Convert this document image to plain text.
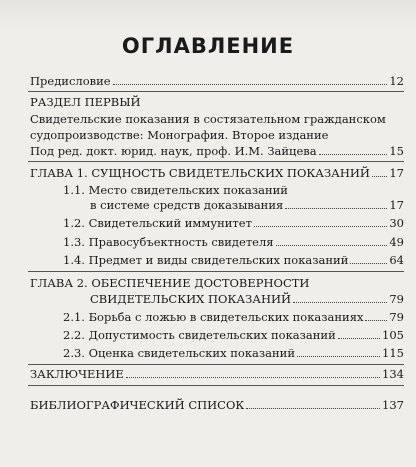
ОГЛАВЛЕНИЕ
Предисловие	12
РАЗДЕЛ ПЕРВЫЙ
Свидетельские показания в состязательном гражданском
судопроизводстве: Монография. Второе издание
Под ред. докт. юрид. наук, проф. И.М. Зайцева	15
ГЛАВА 1. СУЩНОСТЬ СВИДЕТЕЛЬСКИХ ПОКАЗАНИЙ 17
1.1. Место свидетельских показаний
в системе средств доказывания	17
1.2. Свидетельский иммунитет	30
1.3. Правосубъектность свидетеля	49
1.4. Предмет и виды свидетельских показаний	64
ГЛАВА 2. ОБЕСПЕЧЕНИЕ ДОСТОВЕРНОСТИ
СВИДЕТЕЛЬСКИХ ПОКАЗАНИЙ	79
2.1. Борьба с ложью в свидетельских показаниях 79
2.2. Допустимость свидетельских показаний	105
2.3. Оценка свидетельских показаний	115
ЗАКЛЮЧЕНИЕ	134
БИБЛИОГРАФИЧЕСКИЙ СПИСОК	137
